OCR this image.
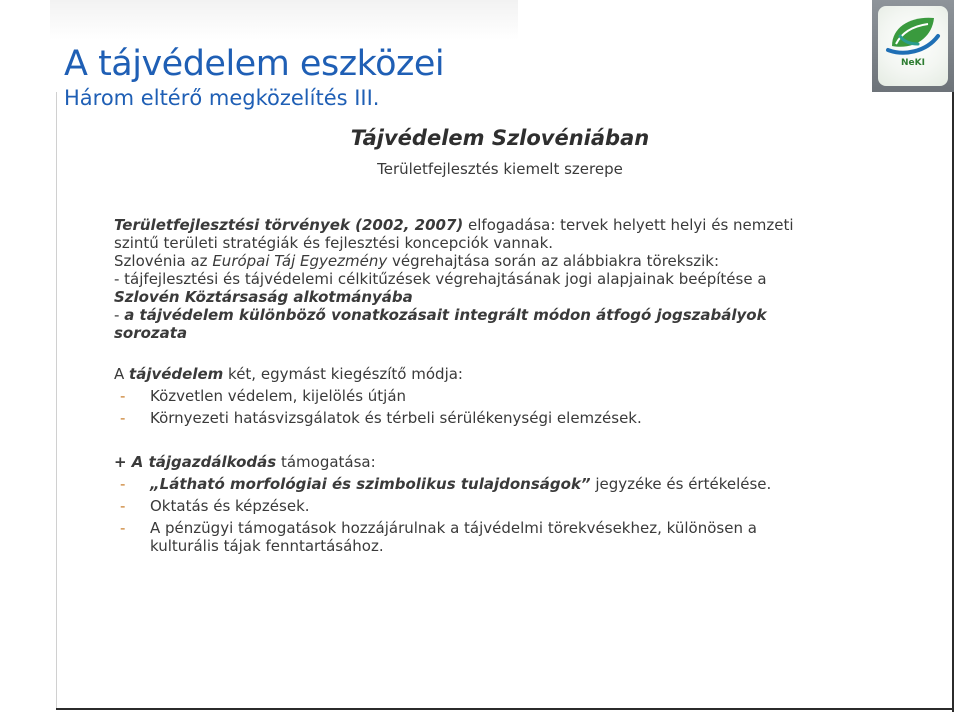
NeKI
A tájvédelem eszközei
Három eltérő megközelítés III.
Tájvédelem Szlovéniában
Területfejlesztés kiemelt szerepe

Területfejlesztési törvények (2002, 2007) elfogadása: tervek helyett helyi és nemzeti szintű területi stratégiák és fejlesztési koncepciók vannak.

Szlovénia az Európai Táj Egyezmény végrehajtása során az alábbiakra törekszik:

- tájfejlesztési és tájvédelemi célkitűzések végrehajtásának jogi alapjainak beépítése a Szlovén Köztársaság alkotmányába

- a tájvédelem különböző vonatkozásait integrált módon átfogó jogszabályok sorozata

A tájvédelem két, egymást kiegészítő módja:

- Közvetlen védelem, kijelölés útján
- Környezeti hatásvizsgálatok és térbeli sérülékenységi elemzések.

+ A tájgazdálkodás támogatása:

- „Látható morfológiai és szimbolikus tulajdonságok” jegyzéke és értékelése.
- Oktatás és képzések.
- A pénzügyi támogatások hozzájárulnak a tájvédelmi törekvésekhez, különösen a kulturális tájak fenntartásához.
